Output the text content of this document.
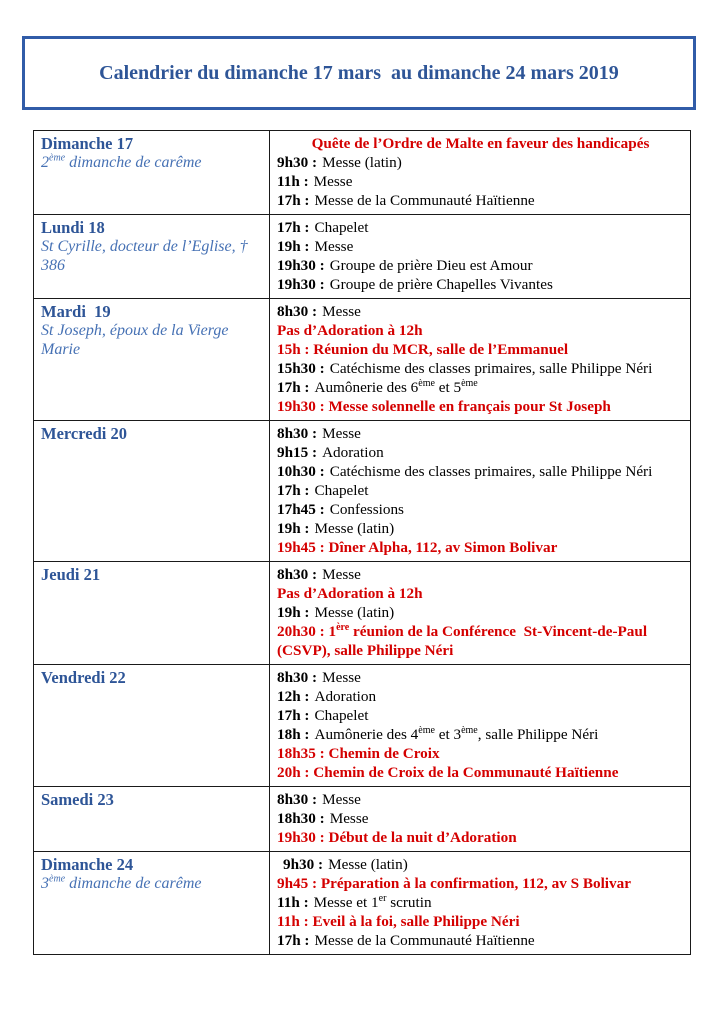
Calendrier du dimanche 17 mars  au dimanche 24 mars 2019
Dimanche 17
2ème dimanche de carême

Quête de l’Ordre de Malte en faveur des handicapés
9h30 : Messe (latin)
11h : Messe
17h : Messe de la Communauté Haïtienne

Lundi 18
St Cyrille, docteur de l’Eglise, † 386

17h : Chapelet
19h : Messe
19h30 : Groupe de prière Dieu est Amour
19h30 : Groupe de prière Chapelles Vivantes

Mardi  19
St Joseph, époux de la Vierge Marie

8h30 : Messe
Pas d’Adoration à 12h
15h : Réunion du MCR, salle de l’Emmanuel
15h30 : Catéchisme des classes primaires, salle Philippe Néri
17h : Aumônerie des 6ème et 5ème
19h30 : Messe solennelle en français pour St Joseph

Mercredi 20	8h30 : Messe
9h15 : Adoration
10h30 : Catéchisme des classes primaires, salle Philippe Néri
17h : Chapelet
17h45 : Confessions
19h : Messe (latin)
19h45 : Dîner Alpha, 112, av Simon Bolivar

Jeudi 21	8h30 : Messe
Pas d’Adoration à 12h
19h : Messe (latin)
20h30 : 1ère réunion de la Conférence  St-Vincent-de-Paul (CSVP), salle Philippe Néri

Vendredi 22	8h30 : Messe
12h : Adoration
17h : Chapelet
18h : Aumônerie des 4ème et 3ème, salle Philippe Néri
18h35 : Chemin de Croix
20h : Chemin de Croix de la Communauté Haïtienne

Samedi 23	8h30 : Messe
18h30 : Messe
19h30 : Début de la nuit d’Adoration

Dimanche 24
3ème dimanche de carême

9h30 : Messe (latin)
9h45 : Préparation à la confirmation, 112, av S Bolivar
11h : Messe et 1er scrutin
11h : Eveil à la foi, salle Philippe Néri
17h : Messe de la Communauté Haïtienne
